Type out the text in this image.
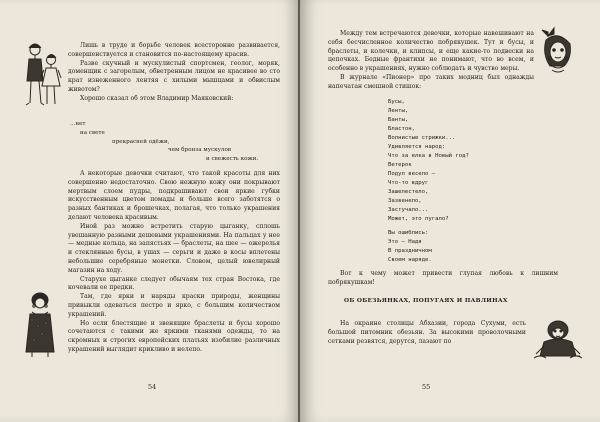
Лишь в труде и борьбе человек всесторонне развивается, совершенствуется и становится по-настоящему красив.

Разве скучный и мускулистый спортсмен, геолог, моряк, доменщик с загорелым, обветренным лицом не красивее во сто крат изнеженного лентяя с хилыми мышцами и обвислым животом?

Хорошо сказал об этом Владимир Маяковский:

...нет
на свете
прекрасней одёжи,
чем бронза мускулов
и свежесть кожи.

А некоторые девочки считают, что такой красоты для них совершенно недостаточно. Свою нежную кожу они покрывают мертвым слоем пудры, подкрашивают свои яркие губки искусственным цветом помады и больше всего заботятся о разных бантиках и брошечках, полагая, что только украшения делают человека красивым.

Иной раз можно встретить старую цыганку, сплошь увешанную разными дешевыми украшениями. На пальцах у нее — медные кольца, на запястьях — браслеты, на шее — ожерелья и стеклянные бусы, в ушах — серьги и даже в косы вплетены небольшие серебряные монетки. Словом, целый ювелирный магазин на ходу.

Старухе цыганке следует обычаям тех стран Востока, где кочевали ее предки.

Там, где ярки и наряды краски природы, женщины привыкли одеваться пестро и ярко, с большим количеством украшений.

Но если блестящие и звенящие браслеты и бусы хорошо сочетаются с такими же яркими тканями одежды, то на скромных и строгих европейских платьях изобилие различных украшений выглядит крикливо и нелепо.

54

Между тем встречаются девочки, которые навешивают на себя бесчисленное количество побрякушек. Тут и бусы, и браслеты, и колечки, и клипсы, и еще какие-то подвески на цепочках. Бедные франтихи не понимают, что во всем, и особенно в украшениях, нужно соблюдать и чувство меры.

В журнале «Пионер» про таких модниц был однажды напечатан смешной стишок:

Бусы,
Ленты,
Банты,
Бластон,
Волнистые стрижки...
Удивляется народ:
Что за елка в Новый год?
Ветерок
Подул весело —
Что-то вдруг
Зашелестело,
Зазвенело,
Застучало...
Может, это пугало?
Вы ошиблись:
Это — Надя
В праздничном
Своем наряде.

Вот к чему может привести глупая любовь к лишним побрякушкам!

ОБ ОБЕЗЬЯНКАХ, ПОПУГАЯХ И ПАВЛИНАХ

На окраине столицы Абхазии, города Сухуми, есть большой питомник обезьян. За высокими проволочными сетками резвятся, дерутся, лазают по

55
